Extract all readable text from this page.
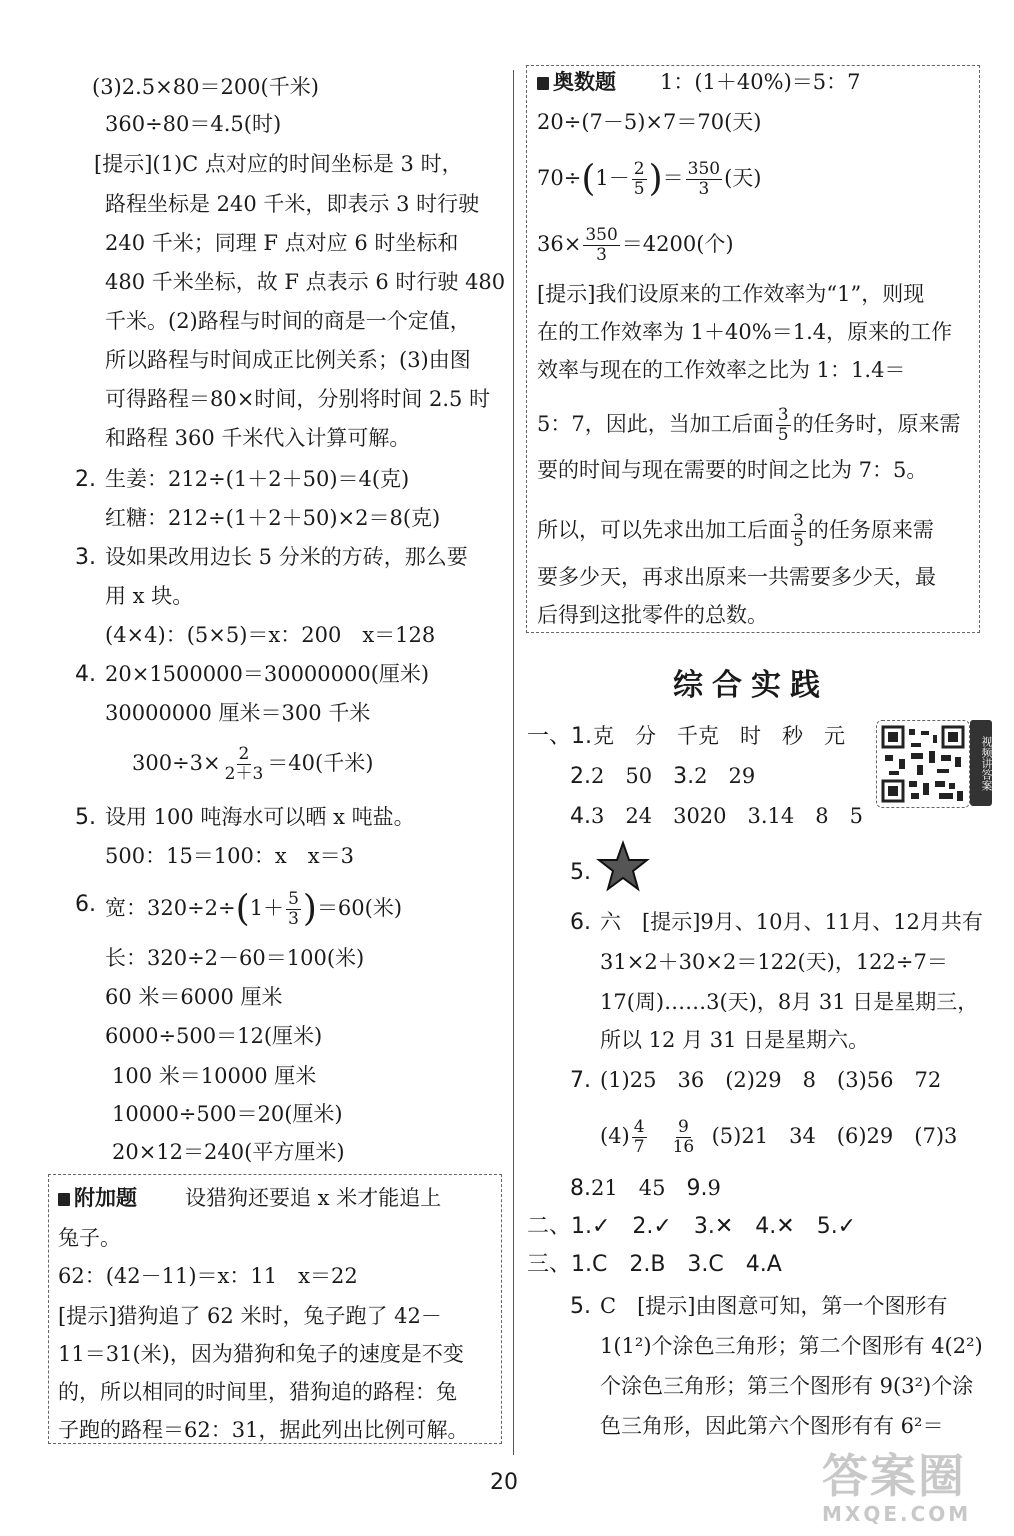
(3)2.5×80＝200(千米)
360÷80＝4.5(时)
[提示](1)C 点对应的时间坐标是 3 时，
路程坐标是 240 千米，即表示 3 时行驶
240 千米；同理 F 点对应 6 时坐标和
480 千米坐标，故 F 点表示 6 时行驶 480
千米。(2)路程与时间的商是一个定值，
所以路程与时间成正比例关系；(3)由图
可得路程＝80×时间，分别将时间 2.5 时
和路程 360 千米代入计算可解。
2. 生姜：212÷(1＋2＋50)＝4(克)
红糖：212÷(1＋2＋50)×2＝8(克)
3. 设如果改用边长 5 分米的方砖，那么要
用 x 块。
(4×4)：(5×5)＝x：200　x＝128
4. 20×1500000＝30000000(厘米)
30000000 厘米＝300 千米
$300\div 3\times \frac{2}{2+3} =40$(千米)
5. 设用 100 吨海水可以晒 x 吨盐。
500：15＝100：x　x＝3
6. 宽：$320\div 2\div(1+ \frac{5}{3} )=60$(米)
长：320÷2－60＝100(米)
60 米＝6000 厘米
6000÷500＝12(厘米)
100 米＝10000 厘米
10000÷500＝20(厘米)
20×12＝240(平方厘米)
附加题 设猎狗还要追 x 米才能追上
兔子。
62：(42－11)＝x：11　x＝22
[提示]猎狗追了 62 米时，兔子跑了 42－
11＝31(米)，因为猎狗和兔子的速度是不变
的，所以相同的时间里，猎狗追的路程：兔
子跑的路程＝62：31，据此列出比例可解。
奥数题 1：(1＋40%)＝5：7
20÷(7－5)×7＝70(天)
$70\div(1- \frac{2}{5}$ )＝ $\frac{350}{3}$ (天)
$36\times \frac{350}{3} =4200$(个)
[提示]我们设原来的工作效率为“1”，则现
在的工作效率为 1＋40%＝1.4，原来的工作
效率与现在的工作效率之比为 1：1.4＝
5：7，因此，当加工后面 $\frac{3}{5}$ 的任务时，原来需
要的时间与现在需要的时间之比为 7：5。
所以，可以先求出加工后面 $\frac{3}{5}$ 的任务原来需
要多少天，再求出原来一共需要多少天，最
后得到这批零件的总数。
综合实践
视频讲答案
一、1. 克　分　千克　时　秒　元
2.2　50　3.2　29
4.3　24　3020　3.14　8　5
5.
6. 六　[提示]9月、10月、11月、12月共有
31×2＋30×2＝122(天)，122÷7＝
17(周)……3(天)，8月 31 日是星期三，
所以 12 月 31 日是星期六。
7. (1)25　36　(2)29　8　(3)56　72
$(4) \frac{4}{7}$
$\frac{9}{16} (5)21$　34　(6)29　(7)3
8.21　45　9.9
二、1.✓　2.✓　3.✕　4.✕　5.✓
三、1.C　2.B　3.C　4.A
5. C　[提示]由图意可知，第一个图形有
1(1²)个涂色三角形；第二个图形有 4(2²)
个涂色三角形；第三个图形有 9(3²)个涂
色三角形，因此第六个图形有有 6²＝
20	答案圈
MXQE.COM
